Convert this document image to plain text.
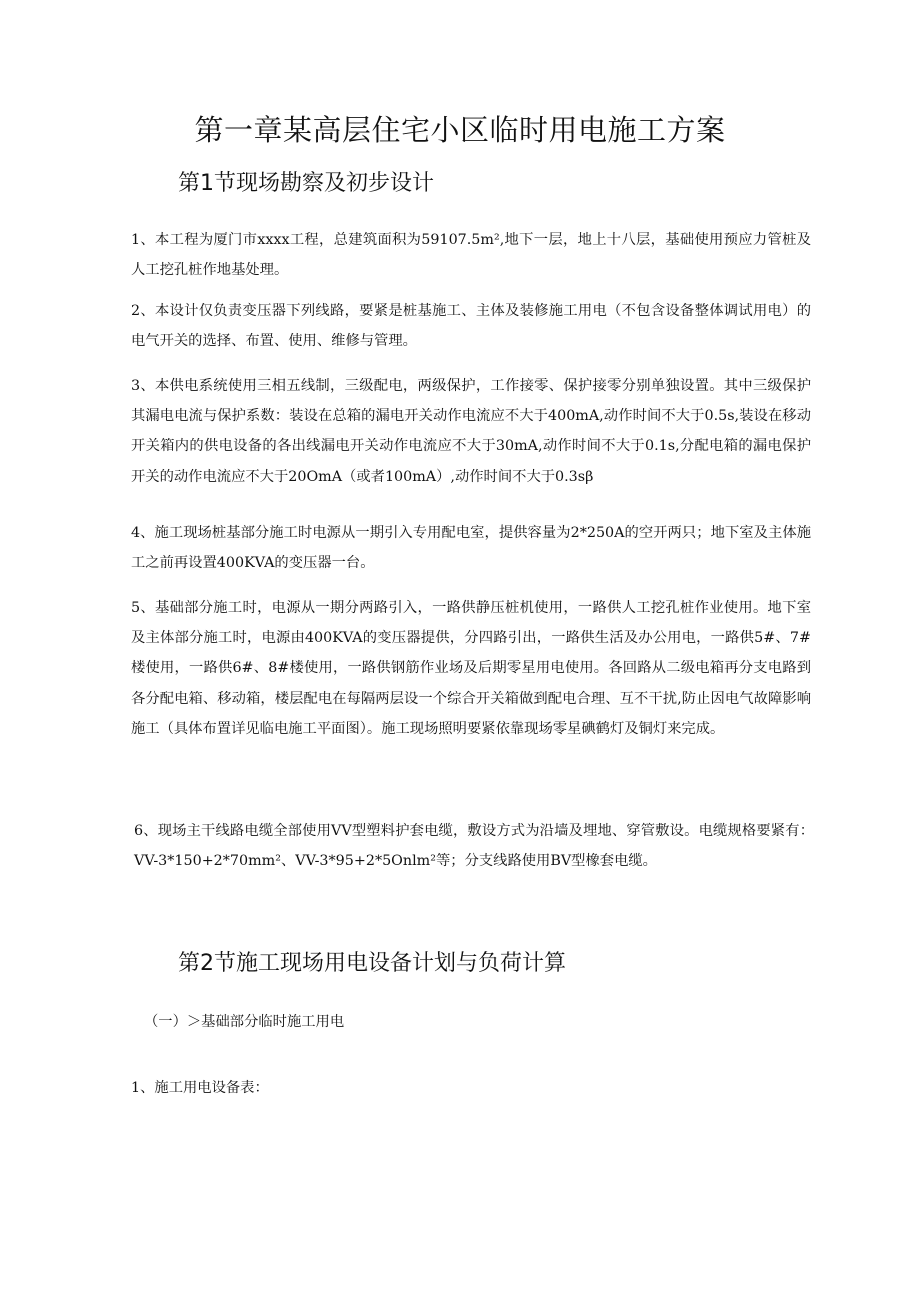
第一章某高层住宅小区临时用电施工方案
第1节现场勘察及初步设计

1、本工程为厦门市xxxx工程，总建筑面积为59107.5m²,地下一层，地上十八层，基础使用预应力管桩及人工挖孔桩作地基处理。

2、本设计仅负责变压器下列线路，要紧是桩基施工、主体及装修施工用电（不包含设备整体调试用电）的电气开关的选择、布置、使用、维修与管理。

3、本供电系统使用三相五线制，三级配电，两级保护，工作接零、保护接零分别单独设置。其中三级保护其漏电电流与保护系数：装设在总箱的漏电开关动作电流应不大于400mA,动作时间不大于0.5s,装设在移动开关箱内的供电设备的各出线漏电开关动作电流应不大于30mA,动作时间不大于0.1s,分配电箱的漏电保护开关的动作电流应不大于20OmA（或者100mA）,动作时间不大于0.3sβ

4、施工现场桩基部分施工时电源从一期引入专用配电室，提供容量为2*250A的空开两只；地下室及主体施工之前再设置400KVA的变压器一台。

5、基础部分施工时，电源从一期分两路引入，一路供静压桩机使用，一路供人工挖孔桩作业使用。地下室及主体部分施工时，电源由400KVA的变压器提供，分四路引出，一路供生活及办公用电，一路供5#、7#楼使用，一路供6#、8#楼使用，一路供钢筋作业场及后期零星用电使用。各回路从二级电箱再分支电路到各分配电箱、移动箱，楼层配电在每隔两层设一个综合开关箱做到配电合理、互不干扰,防止因电气故障影响施工（具体布置详见临电施工平面图）。施工现场照明要紧依靠现场零星碘鹤灯及铜灯来完成。

6、现场主干线路电缆全部使用VV型塑料护套电缆，敷设方式为沿墙及埋地、穿管敷设。电缆规格要紧有：VV-3*150+2*70mm²、VV-3*95+2*5Onlm²等；分支线路使用BV型橡套电缆。

第2节施工现场用电设备计划与负荷计算

（一）＞基础部分临时施工用电

1、施工用电设备表：
